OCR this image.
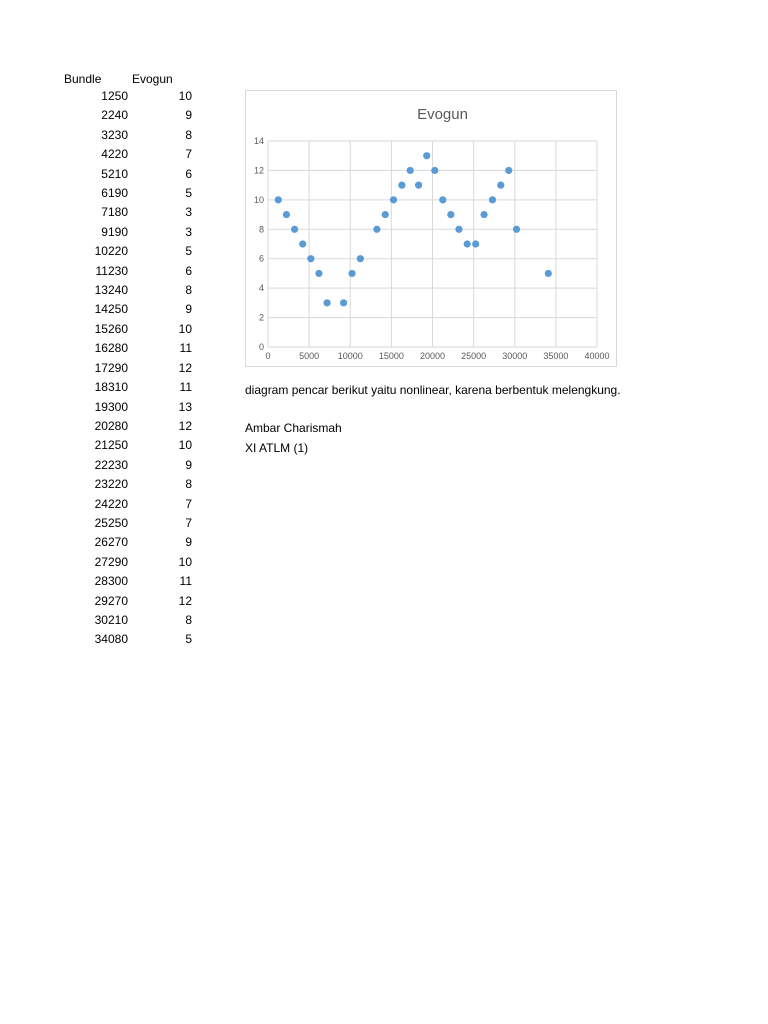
Bundle	Evogun
1250	10
2240	9
3230	8
4220	7
5210	6
6190	5
7180	3
9190	3
10220	5
11230	6
13240	8
14250	9
15260	10
16280	11
17290	12
18310	11
19300	13
20280	12
21250	10
22230	9
23220	8
24220	7
25250	7
26270	9
27290	10
28300	11
29270	12
30210	8
34080	5
Evogun
0
2
4
6
8
10
12
14
0	5000 10000 15000 20000 25000 30000 35000 40000
diagram pencar berikut yaitu nonlinear, karena berbentuk melengkung.
Ambar Charismah
XI ATLM (1)
